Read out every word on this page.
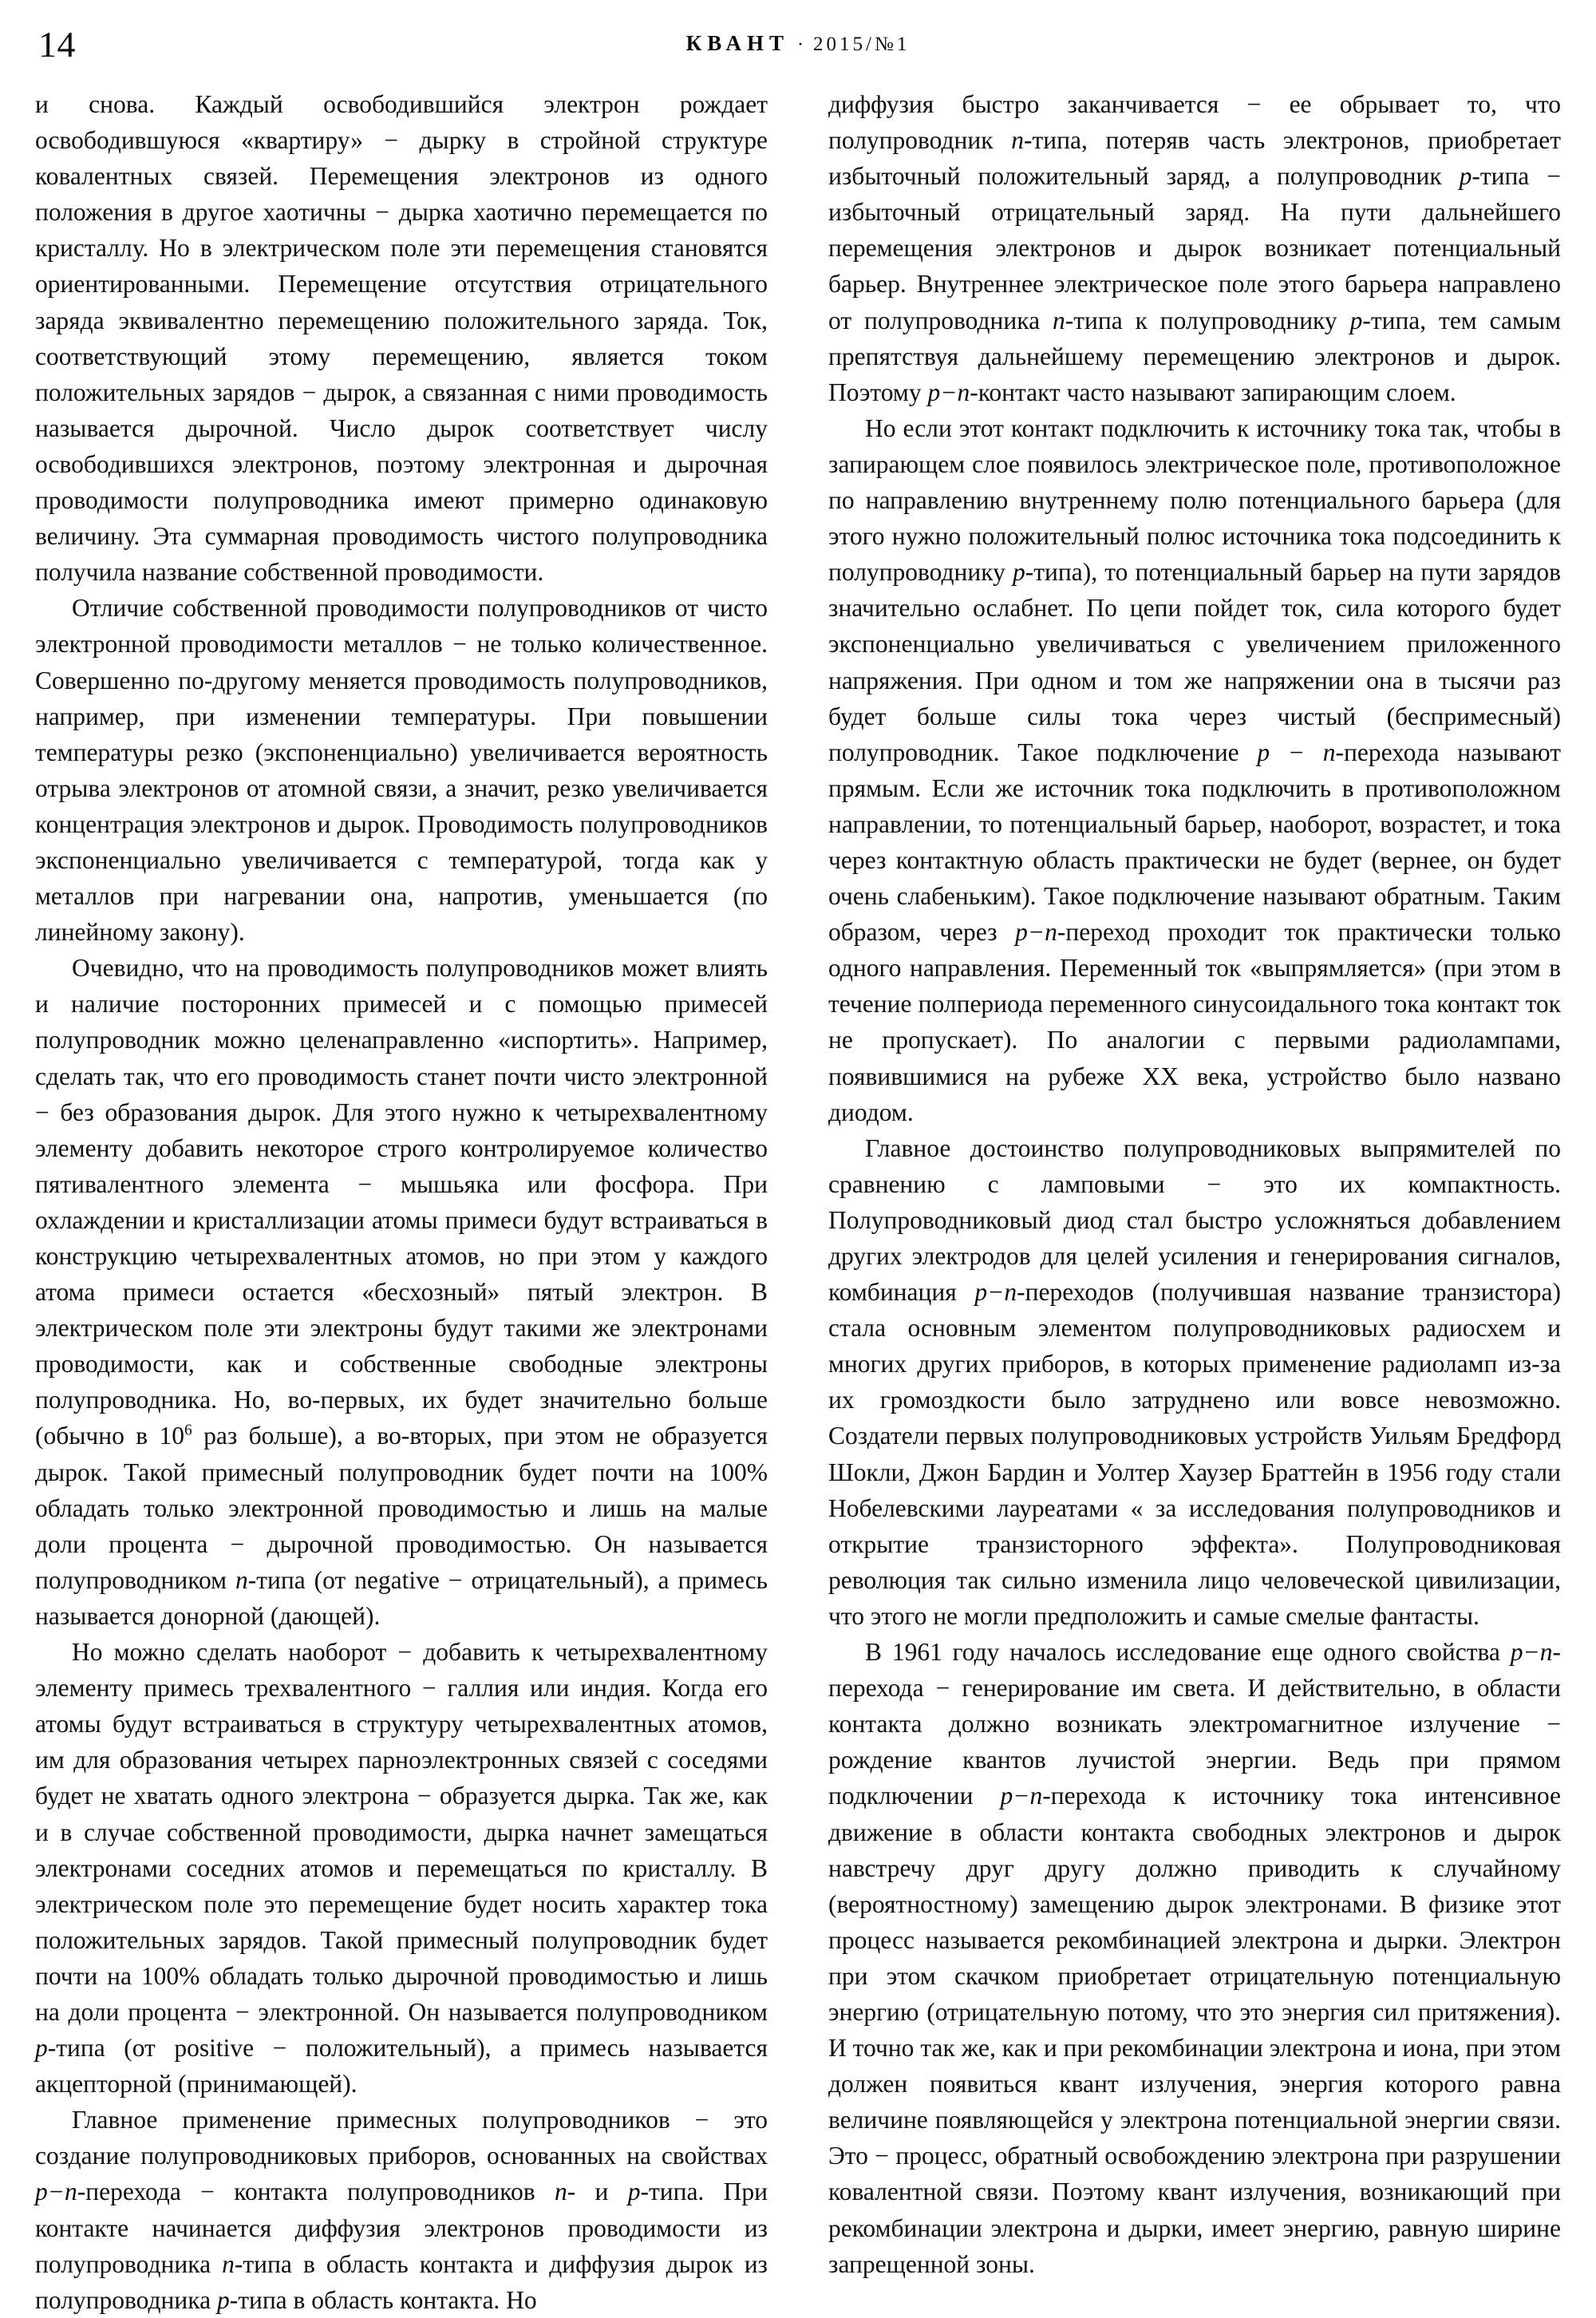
14	КВАНТ · 2015/№1

и снова. Каждый освободившийся электрон рождает освободившуюся «квартиру» − дырку в стройной структуре ковалентных связей. Перемещения электронов из одного положения в другое хаотичны − дырка хаотично перемещается по кристаллу. Но в электрическом поле эти перемещения становятся ориентированными. Перемещение отсутствия отрицательного заряда эквивалентно перемещению положительного заряда. Ток, соответствующий этому перемещению, является током положительных зарядов − дырок, а связанная с ними проводимость называется дырочной. Число дырок соответствует числу освободившихся электронов, поэтому электронная и дырочная проводимости полупроводника имеют примерно одинаковую величину. Эта суммарная проводимость чистого полупроводника получила название собственной проводимости.

Отличие собственной проводимости полупроводников от чисто электронной проводимости металлов − не только количественное. Совершенно по-другому меняется проводимость полупроводников, например, при изменении температуры. При повышении температуры резко (экспоненциально) увеличивается вероятность отрыва электронов от атомной связи, а значит, резко увеличивается концентрация электронов и дырок. Проводимость полупроводников экспоненциально увеличивается с температурой, тогда как у металлов при нагревании она, напротив, уменьшается (по линейному закону).

Очевидно, что на проводимость полупроводников может влиять и наличие посторонних примесей и с помощью примесей полупроводник можно целенаправленно «испортить». Например, сделать так, что его проводимость станет почти чисто электронной − без образования дырок. Для этого нужно к четырехвалентному элементу добавить некоторое строго контролируемое количество пятивалентного элемента − мышьяка или фосфора. При охлаждении и кристаллизации атомы примеси будут встраиваться в конструкцию четырехвалентных атомов, но при этом у каждого атома примеси остается «бесхозный» пятый электрон. В электрическом поле эти электроны будут такими же электронами проводимости, как и собственные свободные электроны полупроводника. Но, во-первых, их будет значительно больше (обычно в $10^6$ раз больше), а во-вторых, при этом не образуется дырок. Такой примесный полупроводник будет почти на 100% обладать только электронной проводимостью и лишь на малые доли процента − дырочной проводимостью. Он называется полупроводником n-типа (от negative − отрицательный), а примесь называется донорной (дающей).

Но можно сделать наоборот − добавить к четырехвалентному элементу примесь трехвалентного − галлия или индия. Когда его атомы будут встраиваться в структуру четырехвалентных атомов, им для образования четырех парноэлектронных связей с соседями будет не хватать одного электрона − образуется дырка. Так же, как и в случае собственной проводимости, дырка начнет замещаться электронами соседних атомов и перемещаться по кристаллу. В электрическом поле это перемещение будет носить характер тока положительных зарядов. Такой примесный полупроводник будет почти на 100% обладать только дырочной проводимостью и лишь на доли процента − электронной. Он называется полупроводником p-типа (от positive − положительный), а примесь называется акцепторной (принимающей).

Главное применение примесных полупроводников − это создание полупроводниковых приборов, основанных на свойствах p−n-перехода − контакта полупроводников n- и p-типа. При контакте начинается диффузия электронов проводимости из полупроводника n-типа в область контакта и диффузия дырок из полупроводника p-типа в область контакта. Но

диффузия быстро заканчивается − ее обрывает то, что полупроводник n-типа, потеряв часть электронов, приобретает избыточный положительный заряд, а полупроводник p-типа − избыточный отрицательный заряд. На пути дальнейшего перемещения электронов и дырок возникает потенциальный барьер. Внутреннее электрическое поле этого барьера направлено от полупроводника n-типа к полупроводнику p-типа, тем самым препятствуя дальнейшему перемещению электронов и дырок. Поэтому p−n-контакт часто называют запирающим слоем.

Но если этот контакт подключить к источнику тока так, чтобы в запирающем слое появилось электрическое поле, противоположное по направлению внутреннему полю потенциального барьера (для этого нужно положительный полюс источника тока подсоединить к полупроводнику p-типа), то потенциальный барьер на пути зарядов значительно ослабнет. По цепи пойдет ток, сила которого будет экспоненциально увеличиваться с увеличением приложенного напряжения. При одном и том же напряжении она в тысячи раз будет больше силы тока через чистый (беспримесный) полупроводник. Такое подключение p − n-перехода называют прямым. Если же источник тока подключить в противоположном направлении, то потенциальный барьер, наоборот, возрастет, и тока через контактную область практически не будет (вернее, он будет очень слабеньким). Такое подключение называют обратным. Таким образом, через p−n-переход проходит ток практически только одного направления. Переменный ток «выпрямляется» (при этом в течение полпериода переменного синусоидального тока контакт ток не пропускает). По аналогии с первыми радиолампами, появившимися на рубеже XX века, устройство было названо диодом.

Главное достоинство полупроводниковых выпрямителей по сравнению с ламповыми − это их компактность. Полупроводниковый диод стал быстро усложняться добавлением других электродов для целей усиления и генерирования сигналов, комбинация p−n-переходов (получившая название транзистора) стала основным элементом полупроводниковых радиосхем и многих других приборов, в которых применение радиоламп из-за их громоздкости было затруднено или вовсе невозможно. Создатели первых полупроводниковых устройств Уильям Бредфорд Шокли, Джон Бардин и Уолтер Хаузер Браттейн в 1956 году стали Нобелевскими лауреатами « за исследования полупроводников и открытие транзисторного эффекта». Полупроводниковая революция так сильно изменила лицо человеческой цивилизации, что этого не могли предположить и самые смелые фантасты.

В 1961 году началось исследование еще одного свойства p−n-перехода − генерирование им света. И действительно, в области контакта должно возникать электромагнитное излучение − рождение квантов лучистой энергии. Ведь при прямом подключении p−n-перехода к источнику тока интенсивное движение в области контакта свободных электронов и дырок навстречу друг другу должно приводить к случайному (вероятностному) замещению дырок электронами. В физике этот процесс называется рекомбинацией электрона и дырки. Электрон при этом скачком приобретает отрицательную потенциальную энергию (отрицательную потому, что это энергия сил притяжения). И точно так же, как и при рекомбинации электрона и иона, при этом должен появиться квант излучения, энергия которого равна величине появляющейся у электрона потенциальной энергии связи. Это − процесс, обратный освобождению электрона при разрушении ковалентной связи. Поэтому квант излучения, возникающий при рекомбинации электрона и дырки, имеет энергию, равную ширине запрещенной зоны.
